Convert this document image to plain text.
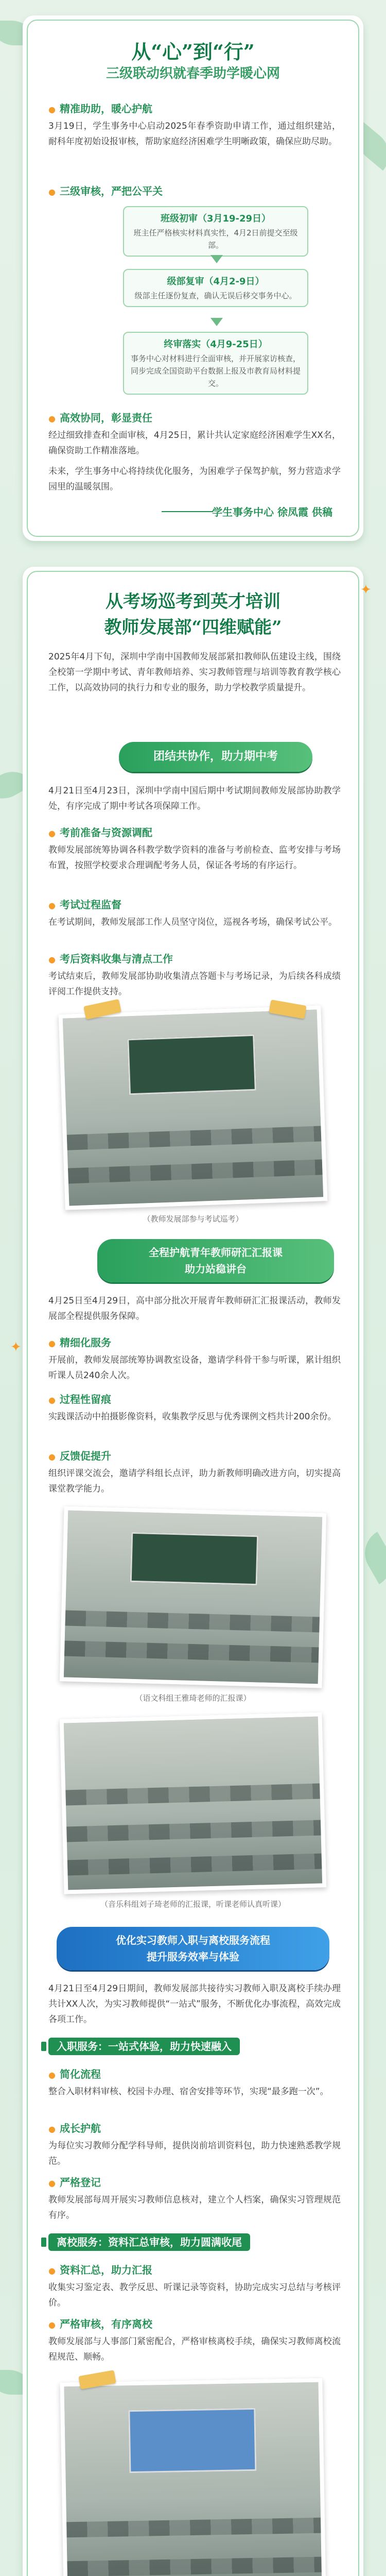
从“心”到“行”
三级联动织就春季助学暖心网
● 精准助助，暖心护航
3月19日，学生事务中心启动2025年春季资助申请工作，通过组织建站，耐科年度初始设报审核，帮助家庭经济困难学生明晰政策，确保应助尽助。
● 三级审核，严把公平关
班级初审（3月19-29日）
班主任严格核实材料真实性，4月2日前提交至级部。
级部复审（4月2-9日）
级部主任逐份复查，确认无误后移交事务中心。
终审落实（4月9-25日）
事务中心对材料进行全面审核，并开展家访核查，同步完成全国资助平台数据上报及市教育局材料提交。
● 高效协同，彰显责任
经过细致排查和全面审核，4月25日，累计共认定家庭经济困难学生XX名，确保资助工作精准落地。
未来，学生事务中心将持续优化服务，为困难学子保驾护航，努力营造求学园里的温暖氛围。
学生事务中心 徐凤霞 供稿
从考场巡考到英才培训
教师发展部“四维赋能”
2025年4月下旬，深圳中学南中国教师发展部紧扣教师队伍建设主线，围绕全校第一学期中考试、青年教师培养、实习教师管理与培训等教育教学核心工作，以高效协同的执行力和专业的服务，助力学校教学质量提升。
团结共协作，助力期中考
4月21日至4月23日，深圳中学南中国后期中考试期间教师发展部协助教学处，有序完成了期中考试各项保障工作。
● 考前准备与资源调配
教师发展部统筹协调各科教学数学资料的准备与考前检查、监考安排与考场布置，按照学校要求合理调配考务人员，保证各考场的有序运行。
● 考试过程监督
在考试期间，教师发展部工作人员坚守岗位，巡视各考场，确保考试公平。
● 考后资料收集与清点工作
考试结束后，教师发展部协助收集清点答题卡与考场记录，为后续各科成绩评阅工作提供支持。
（教师发展部参与考试巡考）
全程护航青年教师研汇汇报课
助力站稳讲台
4月25日至4月29日，高中部分批次开展青年教师研汇汇报课活动，教师发展部全程提供服务保障。
● 精细化服务
开展前，教师发展部统筹协调教室设备，邀请学科骨干参与听课，累计组织听课人员240余人次。
● 过程性留痕
实践课活动中拍摄影像资料，收集教学反思与优秀课例文档共计200余份。
● 反馈促提升
组织评课交流会，邀请学科组长点评，助力新教师明确改进方向，切实提高课堂教学能力。
（语文科组王雅琦老师的汇报课）
（音乐科组刘子琦老师的汇报课，听课老师认真听课）
优化实习教师入职与离校服务流程
提升服务效率与体验
4月21日至4月29日期间，教师发展部共接待实习教师入职及离校手续办理共计XX人次，为实习教师提供“一站式”服务，不断优化办事流程，高效完成各项工作。
入职服务：一站式体验，助力快速融入
● 简化流程
整合入职材料审核、校园卡办理、宿舍安排等环节，实现“最多跑一次”。
● 成长护航
为每位实习教师分配学科导师，提供岗前培训资料包，助力快速熟悉教学规范。
● 严格登记
教师发展部每周开展实习教师信息核对，建立个人档案，确保实习管理规范有序。
离校服务：资料汇总审核，助力圆满收尾
● 资料汇总，助力汇报
收集实习鉴定表、教学反思、听课记录等资料，协助完成实习总结与考核评价。
● 严格审核，有序离校
教师发展部与人事部门紧密配合，严格审核离校手续，确保实习教师离校流程规范、顺畅。
✦
✦
